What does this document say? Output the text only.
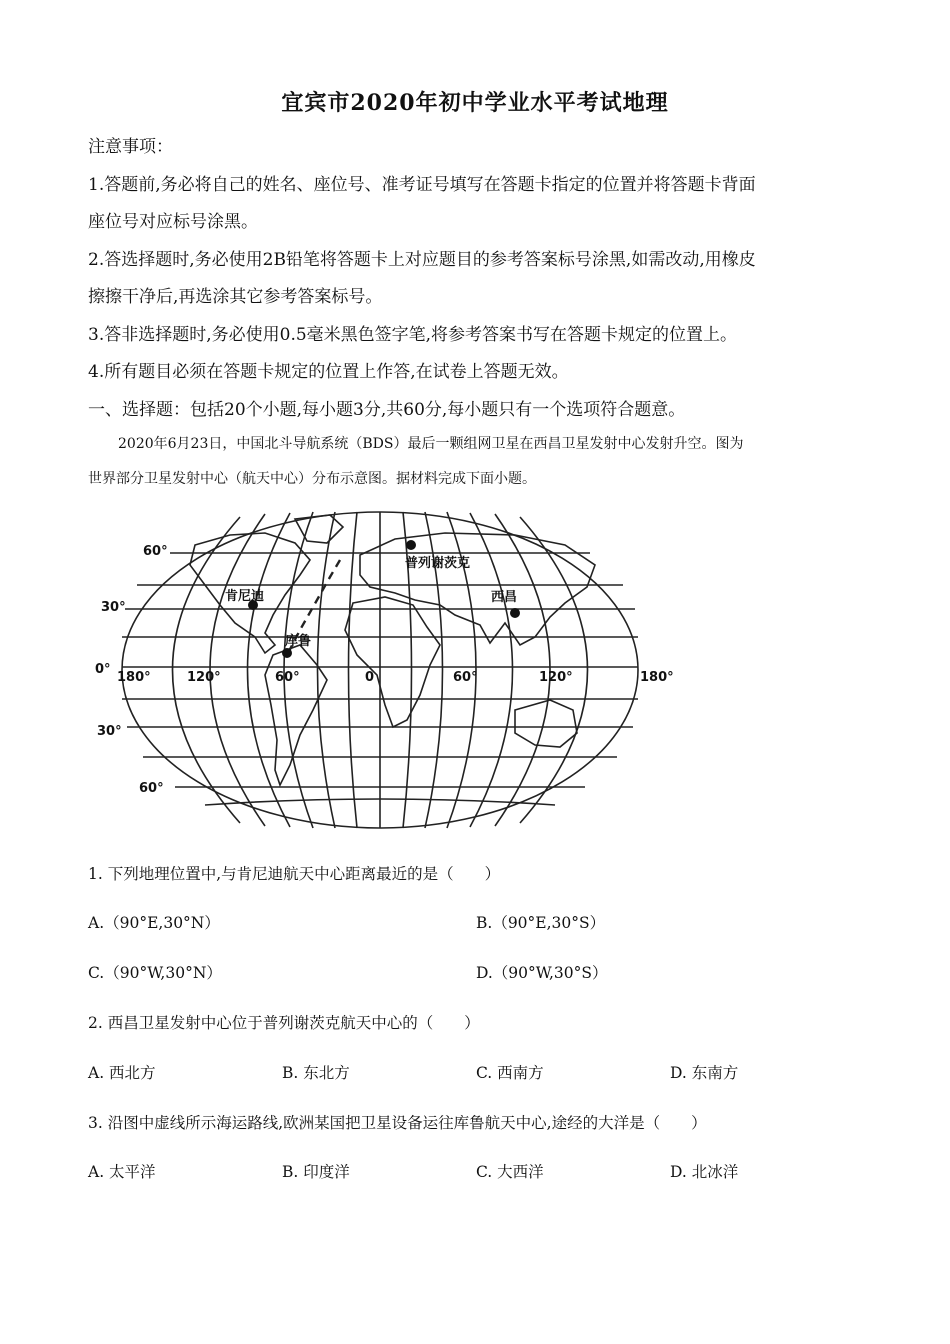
宜宾市2020年初中学业水平考试地理
注意事项：
1.答题前,务必将自己的姓名、座位号、准考证号填写在答题卡指定的位置并将答题卡背面
座位号对应标号涂黑。
2.答选择题时,务必使用2B铅笔将答题卡上对应题目的参考答案标号涂黑,如需改动,用橡皮
擦擦干净后,再选涂其它参考答案标号。
3.答非选择题时,务必使用0.5毫米黑色签字笔,将参考答案书写在答题卡规定的位置上。
4.所有题目必须在答题卡规定的位置上作答,在试卷上答题无效。
一、选择题：包括20个小题,每小题3分,共60分,每小题只有一个选项符合题意。
2020年6月23日，中国北斗导航系统（BDS）最后一颗组网卫星在西昌卫星发射中心发射升空。图为
世界部分卫星发射中心（航天中心）分布示意图。据材料完成下面小题。
普列谢茨克
肯尼迪
库鲁
西昌
60°
30°
0°
30°
60°
180°	120°	60°	0	60°	120°	180°
1. 下列地理位置中,与肯尼迪航天中心距离最近的是（　　）
A.（90°E,30°N）	B.（90°E,30°S）
C.（90°W,30°N）	D.（90°W,30°S）
2. 西昌卫星发射中心位于普列谢茨克航天中心的（　　）
A. 西北方	B. 东北方	C. 西南方	D. 东南方
3. 沿图中虚线所示海运路线,欧洲某国把卫星设备运往库鲁航天中心,途经的大洋是（　　）
A. 太平洋	B. 印度洋	C. 大西洋	D. 北冰洋
